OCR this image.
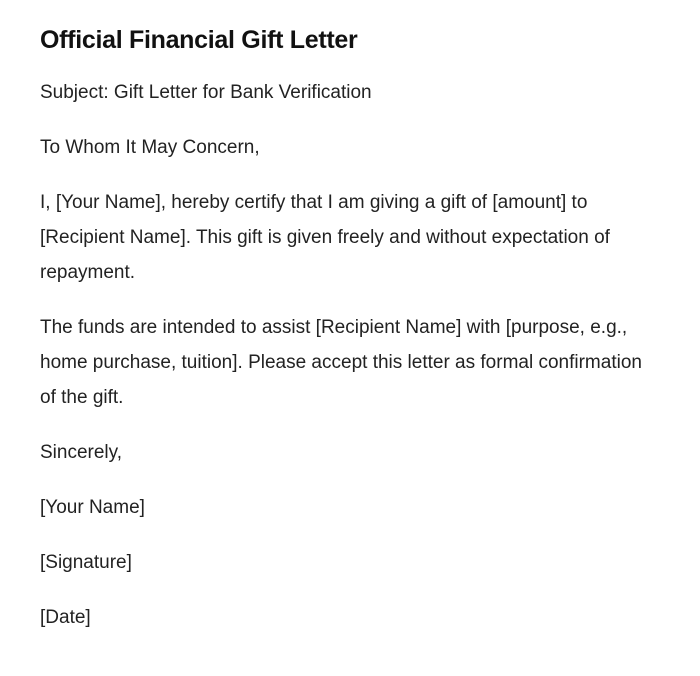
Official Financial Gift Letter

Subject: Gift Letter for Bank Verification

To Whom It May Concern,

I, [Your Name], hereby certify that I am giving a gift of [amount] to [Recipient Name]. This gift is given freely and without expectation of repayment.

The funds are intended to assist [Recipient Name] with [purpose, e.g., home purchase, tuition]. Please accept this letter as formal confirmation of the gift.

Sincerely,

[Your Name]

[Signature]

[Date]
